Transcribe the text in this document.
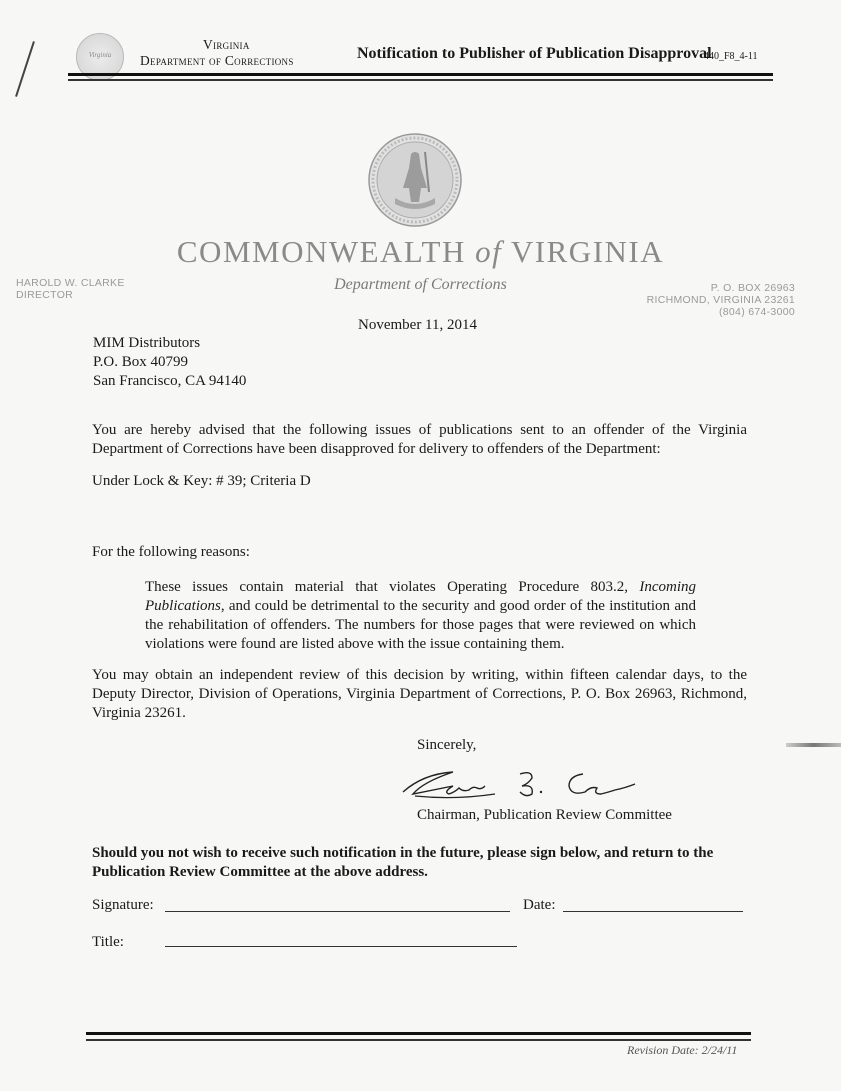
Virginia
Virginia
Department of Corrections	Notification to Publisher of Publication Disapproval
440_F8_4-11
COMMONWEALTH of VIRGINIA
Department of Corrections
HAROLD W. CLARKE
DIRECTOR
P. O. BOX 26963
RICHMOND, VIRGINIA 23261
(804) 674-3000
November 11, 2014
MIM Distributors
P.O. Box 40799
San Francisco, CA 94140
You are hereby advised that the following issues of publications sent to an offender of the Virginia Department of Corrections have been disapproved for delivery to offenders of the Department:
Under Lock & Key: # 39; Criteria D
For the following reasons:
These issues contain material that violates Operating Procedure 803.2, Incoming Publications, and could be detrimental to the security and good order of the institution and the rehabilitation of offenders. The numbers for those pages that were reviewed on which violations were found are listed above with the issue containing them.
You may obtain an independent review of this decision by writing, within fifteen calendar days, to the Deputy Director, Division of Operations, Virginia Department of Corrections, P. O. Box 26963, Richmond, Virginia 23261.
Sincerely,
Chairman, Publication Review Committee
Should you not wish to receive such notification in the future, please sign below, and return to the Publication Review Committee at the above address.
Signature:	Date:
Title:
Revision Date: 2/24/11
